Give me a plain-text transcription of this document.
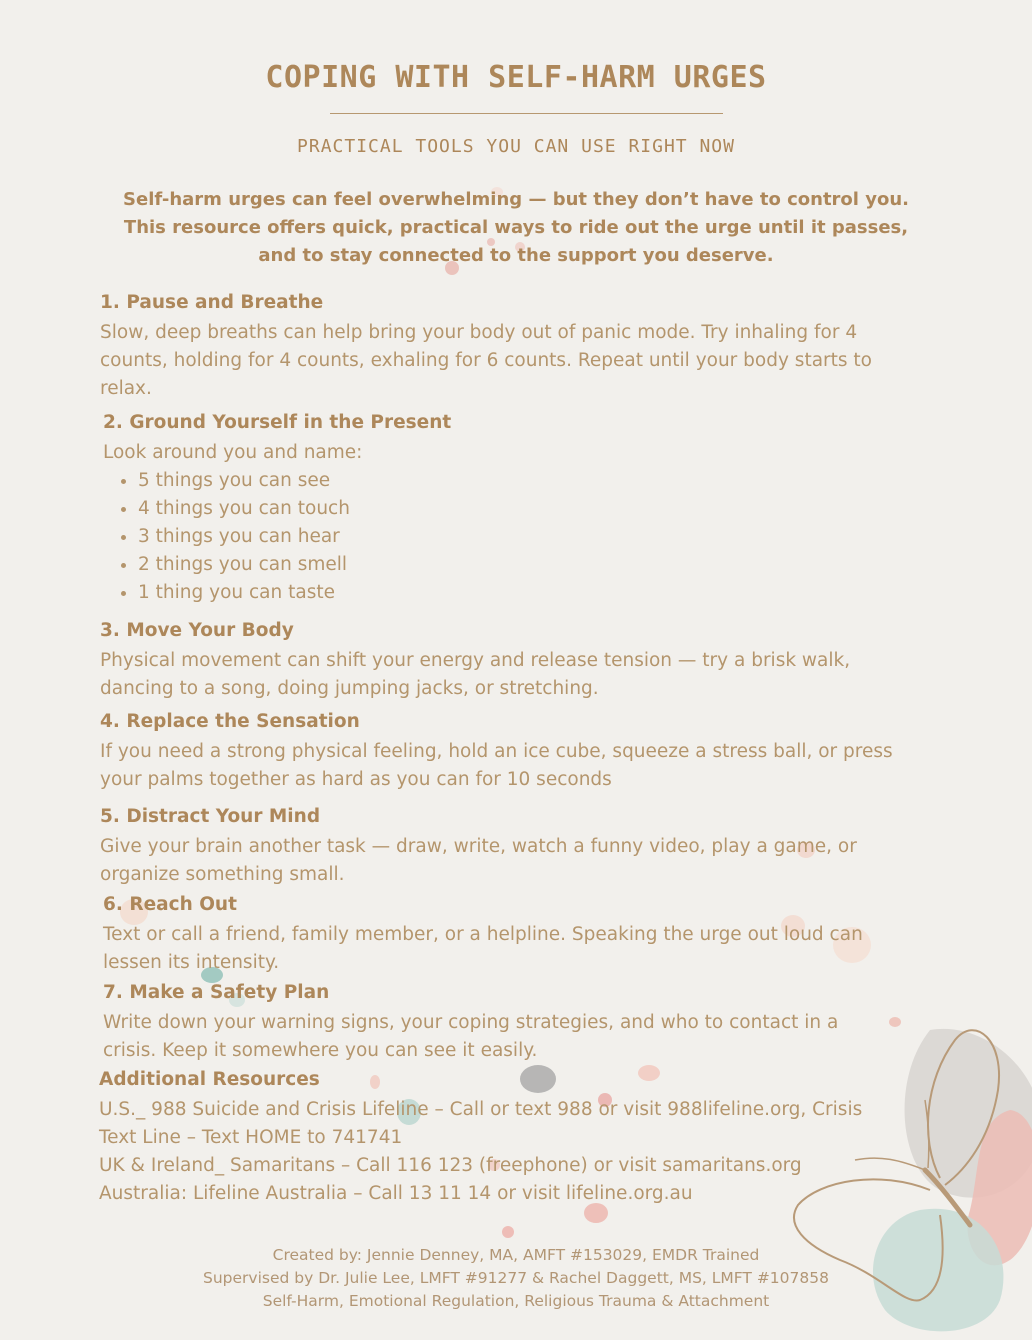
COPING WITH SELF-HARM URGES
PRACTICAL TOOLS YOU CAN USE RIGHT NOW
Self-harm urges can feel overwhelming — but they don’t have to control you.
This resource offers quick, practical ways to ride out the urge until it passes,
and to stay connected to the support you deserve.
1. Pause and Breathe
Slow, deep breaths can help bring your body out of panic mode. Try inhaling for 4
counts, holding for 4 counts, exhaling for 6 counts. Repeat until your body starts to
relax.
2. Ground Yourself in the Present
Look around you and name:
• 5 things you can see
• 4 things you can touch
• 3 things you can hear
• 2 things you can smell
• 1 thing you can taste
3. Move Your Body
Physical movement can shift your energy and release tension — try a brisk walk,
dancing to a song, doing jumping jacks, or stretching.
4. Replace the Sensation
If you need a strong physical feeling, hold an ice cube, squeeze a stress ball, or press
your palms together as hard as you can for 10 seconds
5. Distract Your Mind
Give your brain another task — draw, write, watch a funny video, play a game, or
organize something small.
6. Reach Out
Text or call a friend, family member, or a helpline. Speaking the urge out loud can
lessen its intensity.
7. Make a Safety Plan
Write down your warning signs, your coping strategies, and who to contact in a
crisis. Keep it somewhere you can see it easily.
Additional Resources
U.S._ 988 Suicide and Crisis Lifeline – Call or text 988 or visit 988lifeline.org, Crisis
Text Line – Text HOME to 741741
UK & Ireland_ Samaritans – Call 116 123 (freephone) or visit samaritans.org
Australia: Lifeline Australia – Call 13 11 14 or visit lifeline.org.au
Created by: Jennie Denney, MA, AMFT #153029, EMDR Trained
Supervised by Dr. Julie Lee, LMFT #91277 & Rachel Daggett, MS, LMFT #107858
Self-Harm, Emotional Regulation, Religious Trauma & Attachment
